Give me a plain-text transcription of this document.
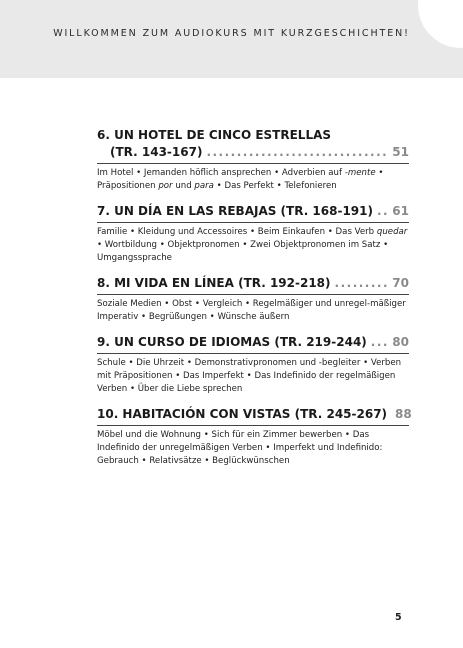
WILLKOMMEN ZUM AUDIOKURS MIT KURZGESCHICHTEN!
6. UN HOTEL DE CINCO ESTRELLAS
(TR. 143-167) .....	51
Im Hotel • Jemanden höflich ansprechen • Adverbien auf -mente • Präpositionen por und para • Das Perfekt • Telefonieren
7. UN DÍA EN LAS REBAJAS (TR. 168-191) ..... 61
Familie • Kleidung und Accessoires • Beim Einkaufen • Das Verb quedar • Wortbildung • Objektpronomen • Zwei Objektpronomen im Satz • Umgangssprache
8. MI VIDA EN LÍNEA (TR. 192-218) .....	70
Soziale Medien • Obst • Vergleich • Regelmäßiger und unregel-mäßiger Imperativ • Begrüßungen • Wünsche äußern
9. UN CURSO DE IDIOMAS (TR. 219-244) ..... 80
Schule • Die Uhrzeit • Demonstrativpronomen und -begleiter • Verben mit Präpositionen • Das Imperfekt • Das Indefinido der regelmäßigen Verben • Über die Liebe sprechen
10. HABITACIÓN CON VISTAS (TR. 245-267) 88
Möbel und die Wohnung • Sich für ein Zimmer bewerben • Das Indefinido der unregelmäßigen Verben • Imperfekt und Indefinido: Gebrauch • Relativsätze • Beglückwünschen
5
